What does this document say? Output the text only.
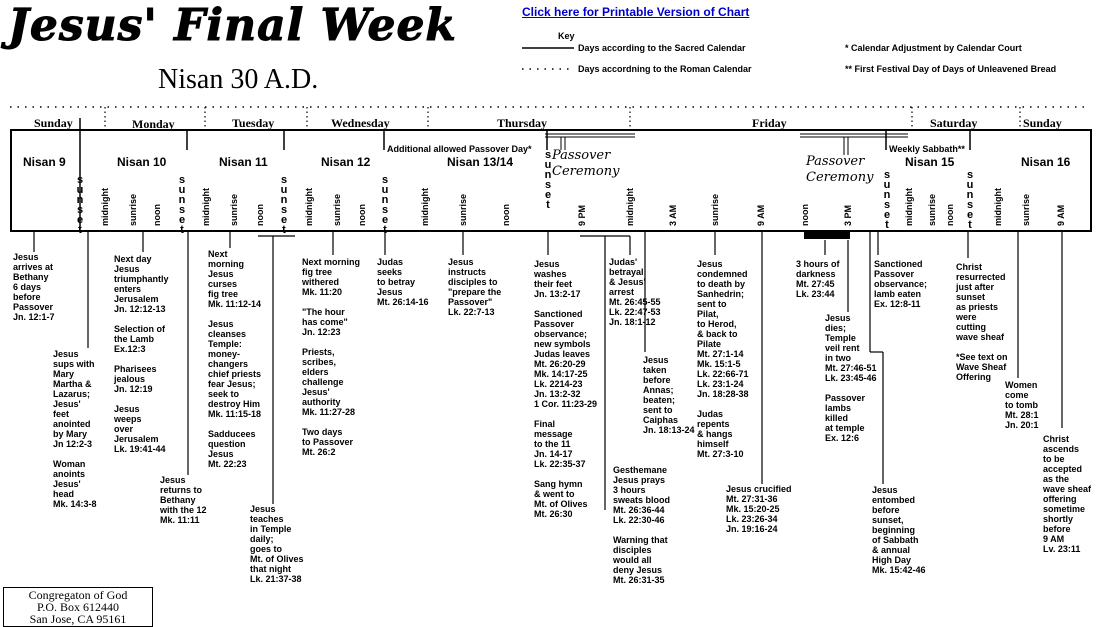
Jesus' Final Week
Nisan 30 A.D.
Click here for Printable Version of Chart
Key
Days according to the Sacred Calendar
Days accordning to the Roman Calendar
* Calendar Adjustment by Calendar Court
** First Festival Day of Days of Unleavened Bread
Sunday	Monday	Tuesday	Wednesday	Thursday	Friday	Saturday	Sunday
Nisan 9	Nisan 10	Nisan 11	Nisan 12	Nisan 13/14	Nisan 15	Nisan 16
Additional allowed Passover Day*	Weekly Sabbath**
Passover
Ceremony
Passover
Ceremony
s
u
n
s
e
t
s
u
n
s
e
t
s
u
n
s
e
t
s
u
n
s
e
t
s
u
n
s
e
t
s
u
n
s
e
t
s
u
n
s
e
t
midnight sunrise noon	midnight sunrise noon	midnight sunrise noon	midnight	sunrise	noon	9 PM	midnight	3 AM	sunrise	9 AM	noon	3 PM	midnight sunrise noon	midnight sunrise	9 AM
Jesus
arrives at
Bethany
6 days
before
Passover
Jn. 12:1-7
Jesus
sups with
Mary
Martha &
Lazarus;
Jesus'
feet
anointed
by Mary
Jn 12:2-3

Woman
anoints
Jesus'
head
Mk. 14:3-8
Next day
Jesus
triumphantly
enters
Jerusalem
Jn. 12:12-13

Selection of
the Lamb
Ex.12:3

Pharisees
jealous
Jn. 12:19

Jesus
weeps
over
Jerusalem
Lk. 19:41-44
Jesus
returns to
Bethany
with the 12
Mk. 11:11
Next
morning
Jesus
curses
fig tree
Mk. 11:12-14

Jesus
cleanses
Temple:
money-
changers
chief priests
fear Jesus;
seek to
destroy Him
Mk. 11:15-18

Sadducees
question
Jesus
Mt. 22:23
Jesus
teaches
in Temple
daily;
goes to
Mt. of Olives
that night
Lk. 21:37-38
Next morning
fig tree
withered
Mk. 11:20

"The hour
has come"
Jn. 12:23

Priests,
scribes,
elders
challenge
Jesus'
authority
Mk. 11:27-28

Two days
to Passover
Mt. 26:2
Judas
seeks
to betray
Jesus
Mt. 26:14-16
Jesus
instructs
disciples to
"prepare the
Passover"
Lk. 22:7-13
Jesus
washes
their feet
Jn. 13:2-17

Sanctioned
Passover
observance;
new symbols
Judas leaves
Mt. 26:20-29
Mk. 14:17-25
Lk. 2214-23
Jn. 13:2-32
1 Cor. 11:23-29

Final
message
to the 11
Jn. 14-17
Lk. 22:35-37

Sang hymn
& went to
Mt. of Olives
Mt. 26:30
Judas'
betrayal
& Jesus'
arrest
Mt. 26:45-55
Lk. 22:47-53
Jn. 18:1-12
Jesus
taken
before
Annas;
beaten;
sent to
Caiphas
Jn. 18:13-24
Gesthemane
Jesus prays
3 hours
sweats blood
Mt. 26:36-44
Lk. 22:30-46

Warning that
disciples
would all
deny Jesus
Mt. 26:31-35
Jesus
condemned
to death by
Sanhedrin;
sent to
Pilat,
to Herod,
& back to
Pilate
Mt. 27:1-14
Mk. 15:1-5
Lk. 22:66-71
Lk. 23:1-24
Jn. 18:28-38

Judas
repents
& hangs
himself
Mt. 27:3-10
Jesus crucified
Mt. 27:31-36
Mk. 15:20-25
Lk. 23:26-34
Jn. 19:16-24
3 hours of
darkness
Mt. 27:45
Lk. 23:44
Jesus
dies;
Temple
veil rent
in two
Mt. 27:46-51
Lk. 23:45-46

Passover
lambs
killed
at temple
Ex. 12:6
Jesus
entombed
before
sunset,
beginning
of Sabbath
& annual
High Day
Mk. 15:42-46
Sanctioned
Passover
observance;
lamb eaten
Ex. 12:8-11
Christ
resurrected
just after
sunset
as priests
were
cutting
wave sheaf

*See text on
Wave Sheaf
Offering
Women
come
to tomb
Mt. 28:1
Jn. 20:1
Christ
ascends
to be
accepted
as the
wave sheaf
offering
sometime
shortly
before
9 AM
Lv. 23:11
Congregaton of God
P.O. Box 612440
San Jose, CA 95161
